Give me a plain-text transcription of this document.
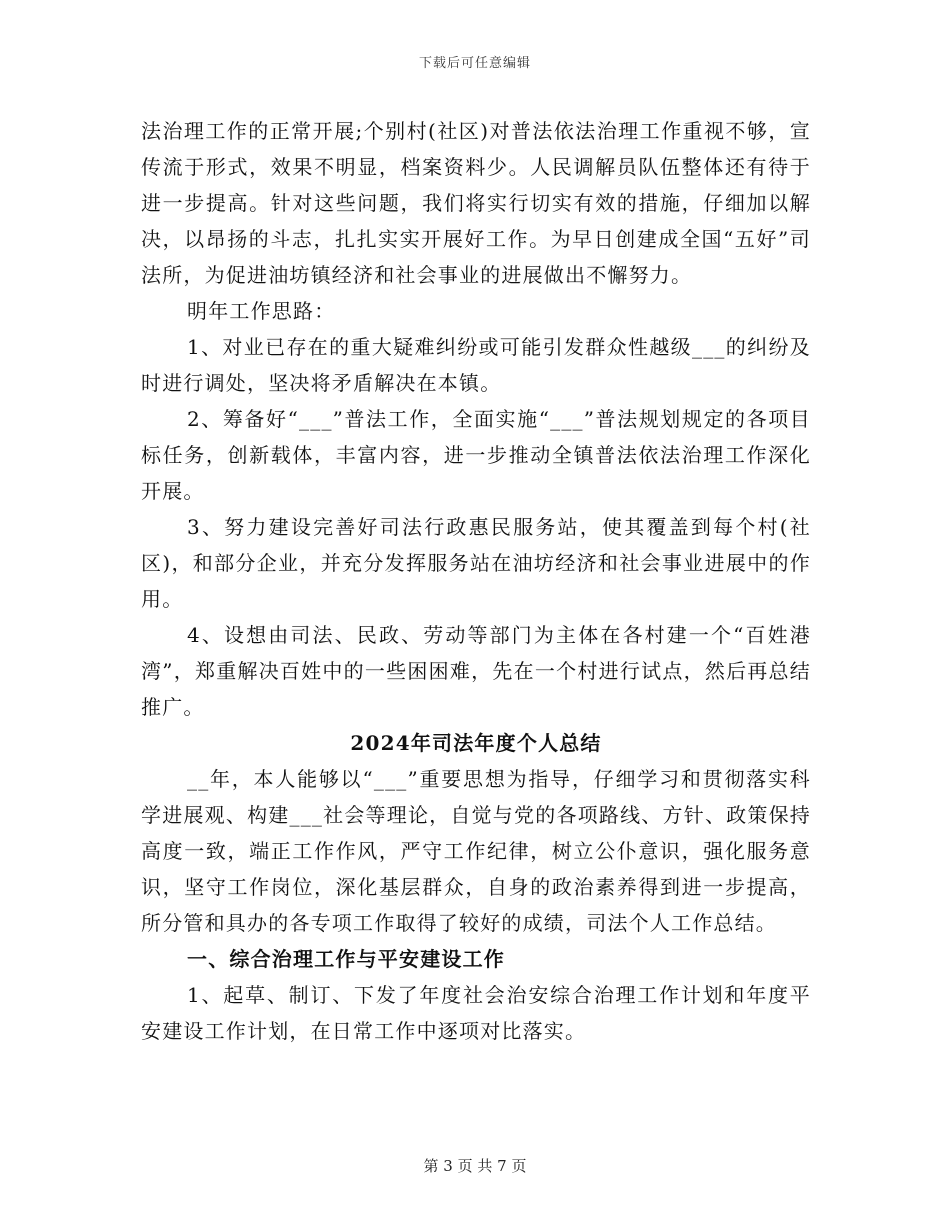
下载后可任意编辑

法治理工作的正常开展;个别村(社区)对普法依法治理工作重视不够，宣传流于形式，效果不明显，档案资料少。人民调解员队伍整体还有待于进一步提高。针对这些问题，我们将实行切实有效的措施，仔细加以解决，以昂扬的斗志，扎扎实实开展好工作。为早日创建成全国“五好”司法所，为促进油坊镇经济和社会事业的进展做出不懈努力。

明年工作思路：

1、对业已存在的重大疑难纠纷或可能引发群众性越级___的纠纷及时进行调处，坚决将矛盾解决在本镇。

2、筹备好“___”普法工作，全面实施“___”普法规划规定的各项目标任务，创新载体，丰富内容，进一步推动全镇普法依法治理工作深化开展。

3、努力建设完善好司法行政惠民服务站，使其覆盖到每个村(社区)，和部分企业，并充分发挥服务站在油坊经济和社会事业进展中的作用。

4、设想由司法、民政、劳动等部门为主体在各村建一个“百姓港湾”，郑重解决百姓中的一些困困难，先在一个村进行试点，然后再总结推广。

2024年司法年度个人总结

__年，本人能够以“___”重要思想为指导，仔细学习和贯彻落实科学进展观、构建___社会等理论，自觉与党的各项路线、方针、政策保持高度一致，端正工作作风，严守工作纪律，树立公仆意识，强化服务意识，坚守工作岗位，深化基层群众，自身的政治素养得到进一步提高，所分管和具办的各专项工作取得了较好的成绩，司法个人工作总结。

一、综合治理工作与平安建设工作

1、起草、制订、下发了年度社会治安综合治理工作计划和年度平安建设工作计划，在日常工作中逐项对比落实。

第 3 页 共 7 页
